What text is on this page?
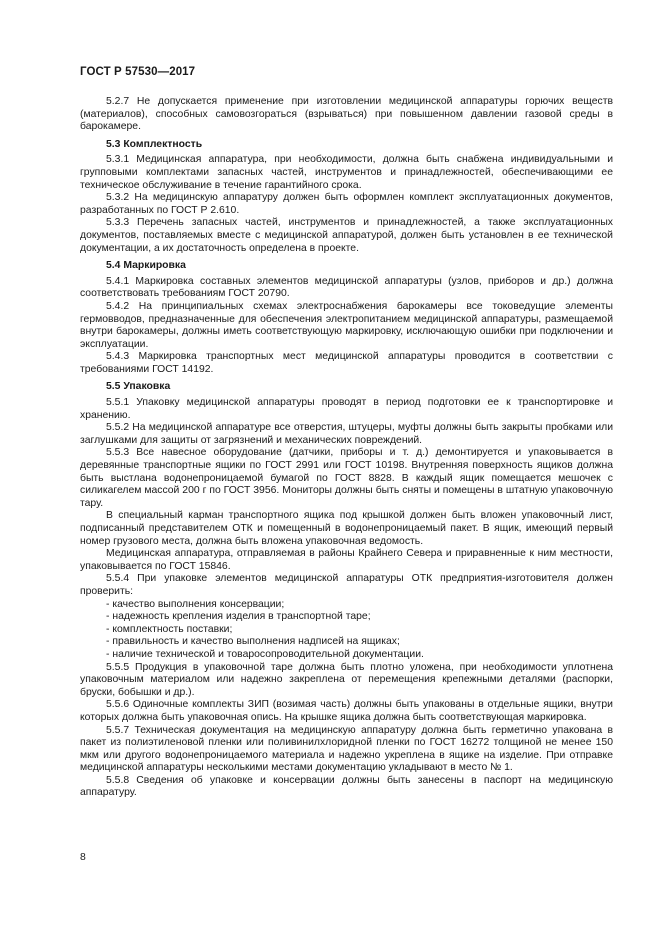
ГОСТ Р 57530—2017

5.2.7 Не допускается применение при изготовлении медицинской аппаратуры горючих веществ (материалов), способных самовозгораться (взрываться) при повышенном давлении газовой среды в барокамере.

5.3 Комплектность

5.3.1 Медицинская аппаратура, при необходимости, должна быть снабжена индивидуальными и групповыми комплектами запасных частей, инструментов и принадлежностей, обеспечивающими ее техническое обслуживание в течение гарантийного срока.

5.3.2 На медицинскую аппаратуру должен быть оформлен комплект эксплуатационных документов, разработанных по ГОСТ Р 2.610.

5.3.3 Перечень запасных частей, инструментов и принадлежностей, а также эксплуатационных документов, поставляемых вместе с медицинской аппаратурой, должен быть установлен в ее технической документации, а их достаточность определена в проекте.

5.4 Маркировка

5.4.1 Маркировка составных элементов медицинской аппаратуры (узлов, приборов и др.) должна соответствовать требованиям ГОСТ 20790.

5.4.2 На принципиальных схемах электроснабжения барокамеры все токоведущие элементы гермовводов, предназначенные для обеспечения электропитанием медицинской аппаратуры, размещаемой внутри барокамеры, должны иметь соответствующую маркировку, исключающую ошибки при подключении и эксплуатации.

5.4.3 Маркировка транспортных мест медицинской аппаратуры проводится в соответствии с требованиями ГОСТ 14192.

5.5 Упаковка

5.5.1 Упаковку медицинской аппаратуры проводят в период подготовки ее к транспортировке и хранению.

5.5.2 На медицинской аппаратуре все отверстия, штуцеры, муфты должны быть закрыты пробками или заглушками для защиты от загрязнений и механических повреждений.

5.5.3 Все навесное оборудование (датчики, приборы и т. д.) демонтируется и упаковывается в деревянные транспортные ящики по ГОСТ 2991 или ГОСТ 10198. Внутренняя поверхность ящиков должна быть выстлана водонепроницаемой бумагой по ГОСТ 8828. В каждый ящик помещается мешочек с силикагелем массой 200 г по ГОСТ 3956. Мониторы должны быть сняты и помещены в штатную упаковочную тару.

В специальный карман транспортного ящика под крышкой должен быть вложен упаковочный лист, подписанный представителем ОТК и помещенный в водонепроницаемый пакет. В ящик, имеющий первый номер грузового места, должна быть вложена упаковочная ведомость.

Медицинская аппаратура, отправляемая в районы Крайнего Севера и приравненные к ним местности, упаковывается по ГОСТ 15846.

5.5.4 При упаковке элементов медицинской аппаратуры ОТК предприятия-изготовителя должен проверить:

- качество выполнения консервации;

- надежность крепления изделия в транспортной таре;

- комплектность поставки;

- правильность и качество выполнения надписей на ящиках;

- наличие технической и товаросопроводительной документации.

5.5.5 Продукция в упаковочной таре должна быть плотно уложена, при необходимости уплотнена упаковочным материалом или надежно закреплена от перемещения крепежными деталями (распорки, бруски, бобышки и др.).

5.5.6 Одиночные комплекты ЗИП (возимая часть) должны быть упакованы в отдельные ящики, внутри которых должна быть упаковочная опись. На крышке ящика должна быть соответствующая маркировка.

5.5.7 Техническая документация на медицинскую аппаратуру должна быть герметично упакована в пакет из полиэтиленовой пленки или поливинилхлоридной пленки по ГОСТ 16272 толщиной не менее 150 мкм или другого водонепроницаемого материала и надежно укреплена в ящике на изделие. При отправке медицинской аппаратуры несколькими местами документацию укладывают в место № 1.

5.5.8 Сведения об упаковке и консервации должны быть занесены в паспорт на медицинскую аппаратуру.

8
